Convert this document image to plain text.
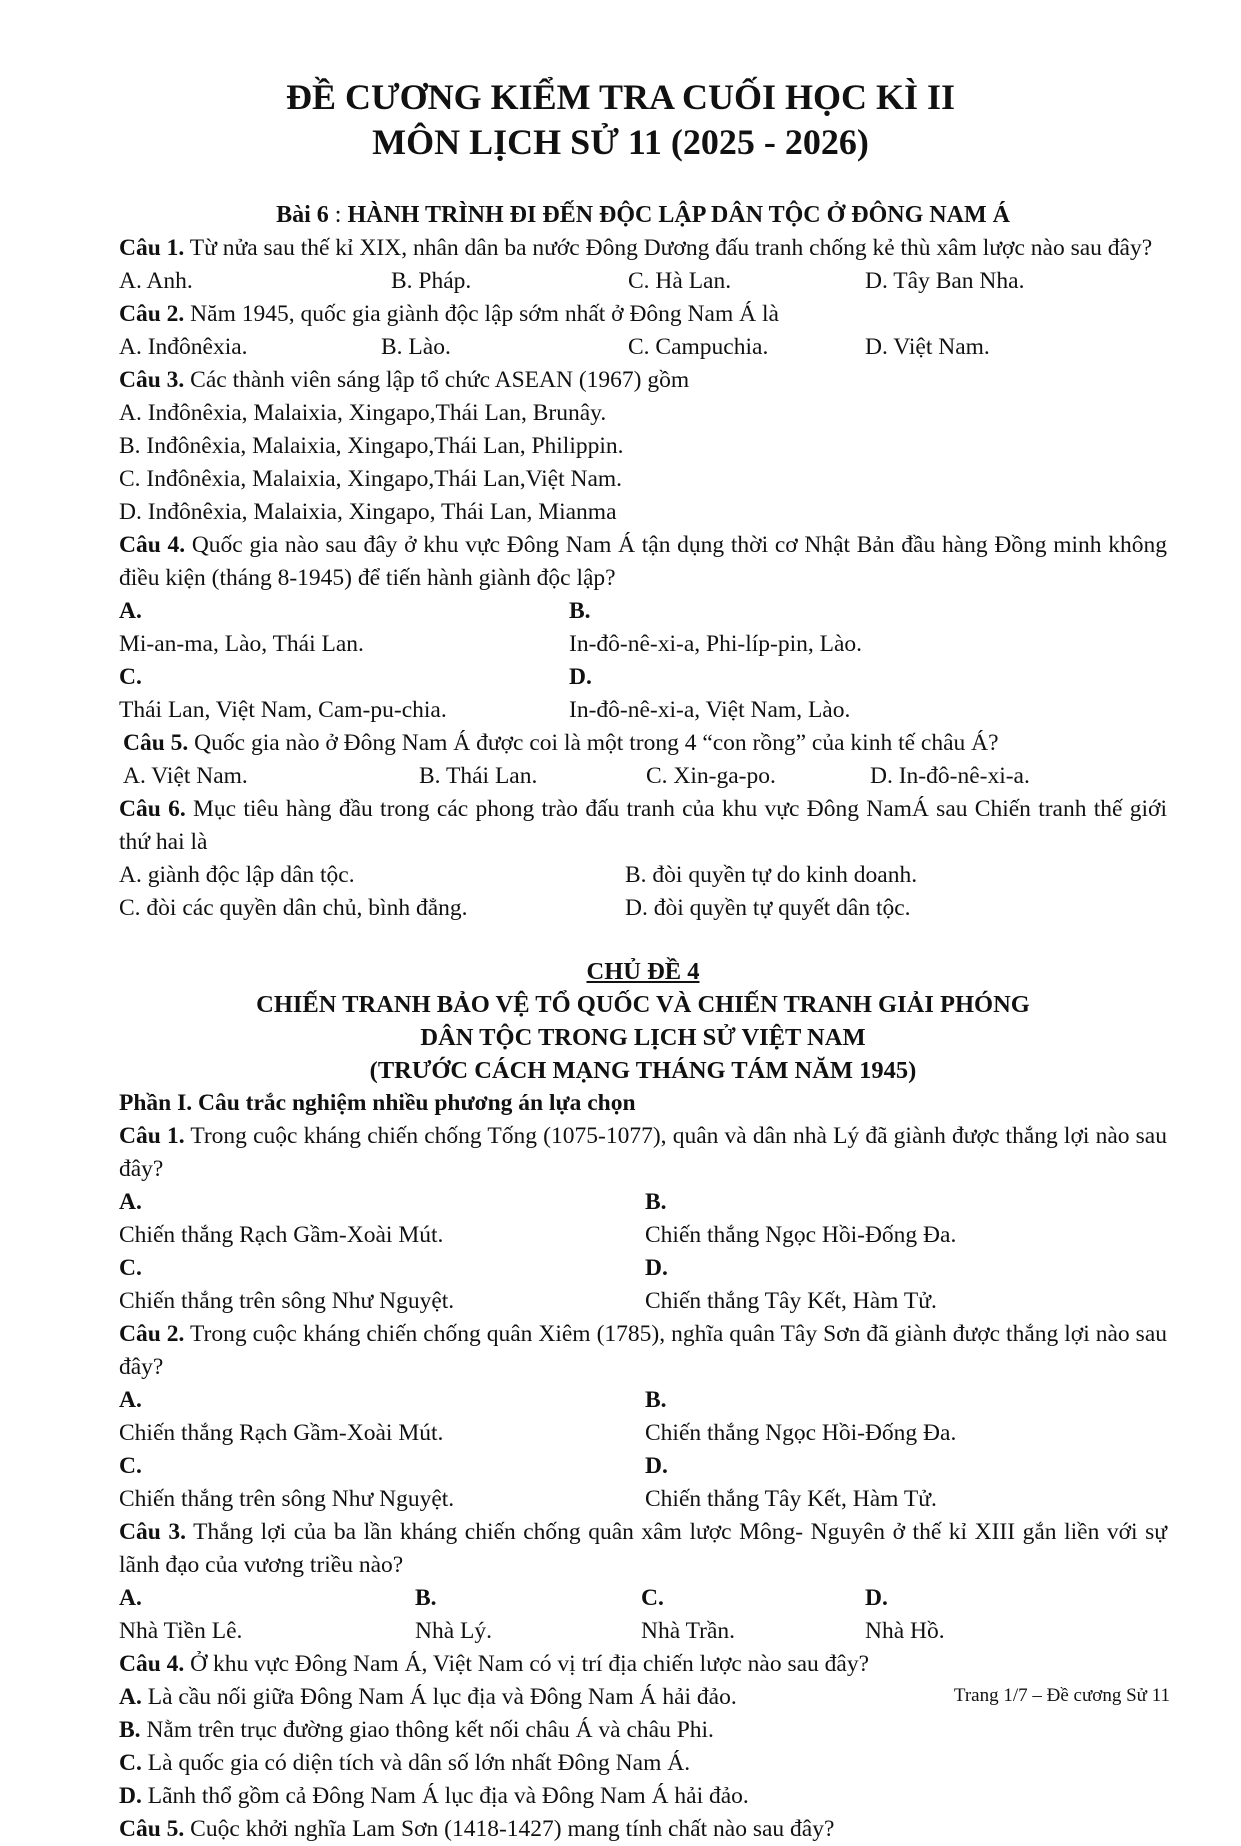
ĐỀ CƯƠNG KIỂM TRA CUỐI HỌC KÌ II
MÔN LỊCH SỬ 11 (2025 - 2026)

Bài 6 : HÀNH TRÌNH ĐI ĐẾN ĐỘC LẬP DÂN TỘC Ở ĐÔNG NAM Á

Câu 1. Từ nửa sau thế kỉ XIX, nhân dân ba nước Đông Dương đấu tranh chống kẻ thù xâm lược nào sau đây?

A. Anh.	B. Pháp.	C. Hà Lan.	D. Tây Ban Nha.

Câu 2. Năm 1945, quốc gia giành độc lập sớm nhất ở Đông Nam Á là

A. Inđônêxia.	B. Lào.	C. Campuchia.	D. Việt Nam.

Câu 3. Các thành viên sáng lập tổ chức ASEAN (1967) gồm

A. Inđônêxia, Malaixia, Xingapo,Thái Lan, Brunây.

B. Inđônêxia, Malaixia, Xingapo,Thái Lan, Philippin.

C. Inđônêxia, Malaixia, Xingapo,Thái Lan,Việt Nam.

D. Inđônêxia, Malaixia, Xingapo, Thái Lan, Mianma

Câu 4. Quốc gia nào sau đây ở khu vực Đông Nam Á tận dụng thời cơ Nhật Bản đầu hàng Đồng minh không điều kiện (tháng 8-1945) để tiến hành giành độc lập?

A.
Mi-an-ma, Lào, Thái Lan.
B.
In-đô-nê-xi-a, Phi-líp-pin, Lào.
C.
Thái Lan, Việt Nam, Cam-pu-chia.
D.
In-đô-nê-xi-a, Việt Nam, Lào.

Câu 5. Quốc gia nào ở Đông Nam Á được coi là một trong 4 “con rồng” của kinh tế châu Á?

A. Việt Nam.	B. Thái Lan.	C. Xin-ga-po.	D. In-đô-nê-xi-a.

Câu 6. Mục tiêu hàng đầu trong các phong trào đấu tranh của khu vực Đông NamÁ sau Chiến tranh thế giới thứ hai là

A. giành độc lập dân tộc.	B. đòi quyền tự do kinh doanh.
C. đòi các quyền dân chủ, bình đẳng.	D. đòi quyền tự quyết dân tộc.

CHỦ ĐỀ 4

CHIẾN TRANH BẢO VỆ TỔ QUỐC VÀ CHIẾN TRANH GIẢI PHÓNG

DÂN TỘC TRONG LỊCH SỬ VIỆT NAM

(TRƯỚC CÁCH MẠNG THÁNG TÁM NĂM 1945)

Phần I. Câu trắc nghiệm nhiều phương án lựa chọn

Câu 1. Trong cuộc kháng chiến chống Tống (1075-1077), quân và dân nhà Lý đã giành được thắng lợi nào sau đây?

A.
Chiến thắng Rạch Gầm-Xoài Mút.
B.
Chiến thắng Ngọc Hồi-Đống Đa.
C.
Chiến thắng trên sông Như Nguyệt.
D.
Chiến thắng Tây Kết, Hàm Tử.

Câu 2. Trong cuộc kháng chiến chống quân Xiêm (1785), nghĩa quân Tây Sơn đã giành được thắng lợi nào sau đây?

A.
Chiến thắng Rạch Gầm-Xoài Mút.
B.
Chiến thắng Ngọc Hồi-Đống Đa.
C.
Chiến thắng trên sông Như Nguyệt.
D.
Chiến thắng Tây Kết, Hàm Tử.

Câu 3. Thắng lợi của ba lần kháng chiến chống quân xâm lược Mông- Nguyên ở thế kỉ XIII gắn liền với sự lãnh đạo của vương triều nào?

A.
Nhà Tiền Lê.
B.
Nhà Lý.
C.
Nhà Trần.
D.
Nhà Hồ.

Câu 4. Ở khu vực Đông Nam Á, Việt Nam có vị trí địa chiến lược nào sau đây?

A. Là cầu nối giữa Đông Nam Á lục địa và Đông Nam Á hải đảo.

B. Nằm trên trục đường giao thông kết nối châu Á và châu Phi.

C. Là quốc gia có diện tích và dân số lớn nhất Đông Nam Á.

D. Lãnh thổ gồm cả Đông Nam Á lục địa và Đông Nam Á hải đảo.

Câu 5. Cuộc khởi nghĩa Lam Sơn (1418-1427) mang tính chất nào sau đây?

Trang 1/7 – Đề cương Sử 11
